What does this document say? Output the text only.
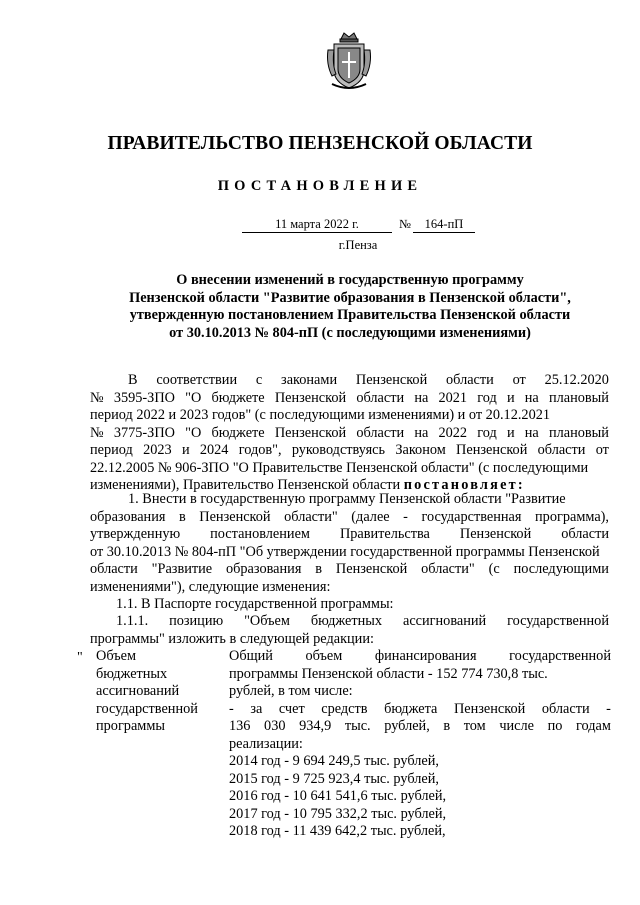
ПРАВИТЕЛЬСТВО ПЕНЗЕНСКОЙ ОБЛАСТИ
ПОСТАНОВЛЕНИЕ
11 марта 2022 г.	№	164-пП
г.Пенза
О внесении изменений в государственную программу
Пензенской области "Развитие образования в Пензенской области",
утвержденную постановлением Правительства Пензенской области
от 30.10.2013 № 804-пП (с последующими изменениями)
В соответствии с законами Пензенской области от 25.12.2020
№ 3595-ЗПО "О бюджете Пензенской области на 2021 год и на плановый
период 2022 и 2023 годов" (с последующими изменениями) и от 20.12.2021
№ 3775-ЗПО "О бюджете Пензенской области на 2022 год и на плановый
период 2023 и 2024 годов", руководствуясь Законом Пензенской области от
22.12.2005 № 906-ЗПО "О Правительстве Пензенской области" (с последующими
изменениями), Правительство Пензенской области постановляет:
1. Внести в государственную программу Пензенской области "Развитие
образования в Пензенской области" (далее - государственная программа),
утвержденную постановлением Правительства Пензенской области
от 30.10.2013 № 804-пП "Об утверждении государственной программы Пензенской
области "Развитие образования в Пензенской области" (с последующими
изменениями"), следующие изменения:
1.1. В Паспорте государственной программы:
1.1.1. позицию "Объем бюджетных ассигнований государственной
программы" изложить в следующей редакции:
" Объем
бюджетных
ассигнований
государственной
программы
Общий объем финансирования государственной
программы Пензенской области - 152 774 730,8 тыс.
рублей, в том числе:
- за счет средств бюджета Пензенской области -
136 030 934,9 тыс. рублей, в том числе по годам
реализации:
2014 год - 9 694 249,5 тыс. рублей,
2015 год - 9 725 923,4 тыс. рублей,
2016 год - 10 641 541,6 тыс. рублей,
2017 год - 10 795 332,2 тыс. рублей,
2018 год - 11 439 642,2 тыс. рублей,
